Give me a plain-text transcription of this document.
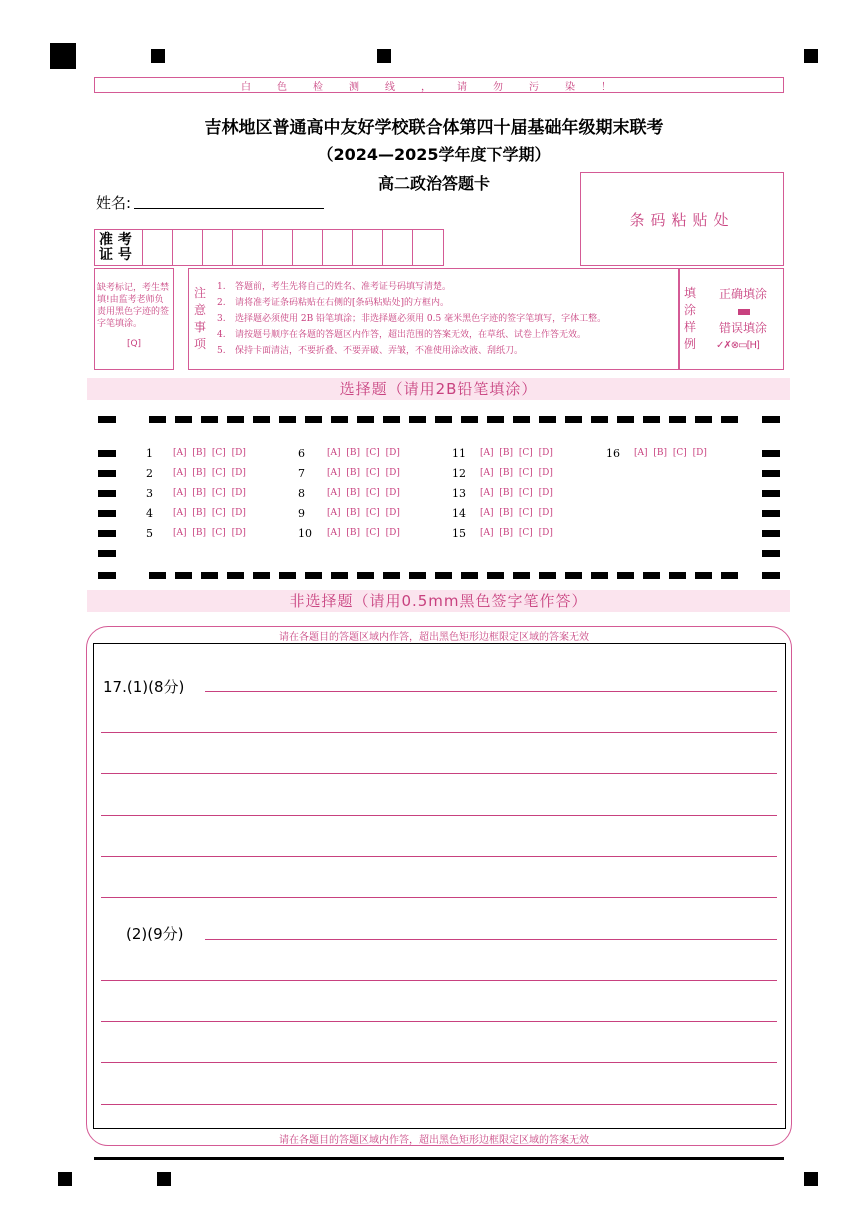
白色检测线，请勿污染！
吉林地区普通高中友好学校联合体第四十届基础年级期末联考
（2024—2025学年度下学期）
高二政治答题卡
姓名:
条码粘贴处
准 考
证 号
缺考标记，考生禁填!由监考老师负责用黑色字迹的签字笔填涂。
[Q]
注
意
事
项
1. 答题前，考生先将自己的姓名、准考证号码填写清楚。
2. 请将准考证条码粘贴在右侧的[条码粘贴处]的方框内。
3. 选择题必须使用 2B 铅笔填涂；非选择题必须用 0.5 毫米黑色字迹的签字笔填写，字体工整。
4. 请按题号顺序在各题的答题区内作答，超出范围的答案无效，在草纸、试卷上作答无效。
5. 保持卡面清洁，不要折叠、不要弄破、弄皱，不准使用涂改液、刮纸刀。
填
涂
样
例
正确填涂
错误填涂
✓✗⊗▭[H]
选择题（请用2B铅笔填涂）
非选择题（请用0.5mm黑色签字笔作答）
请在各题目的答题区域内作答，超出黑色矩形边框限定区域的答案无效
17.(1)(8分)
(2)(9分)
请在各题目的答题区域内作答，超出黑色矩形边框限定区域的答案无效
1 [A] [B] [C] [D]
2 [A] [B] [C] [D]
3 [A] [B] [C] [D]
4 [A] [B] [C] [D]
5 [A] [B] [C] [D]
6 [A] [B] [C] [D]
7 [A] [B] [C] [D]
8 [A] [B] [C] [D]
9 [A] [B] [C] [D]
10 [A] [B] [C] [D]
11 [A] [B] [C] [D]
12 [A] [B] [C] [D]
13 [A] [B] [C] [D]
14 [A] [B] [C] [D]
15 [A] [B] [C] [D]
16 [A] [B] [C] [D]
